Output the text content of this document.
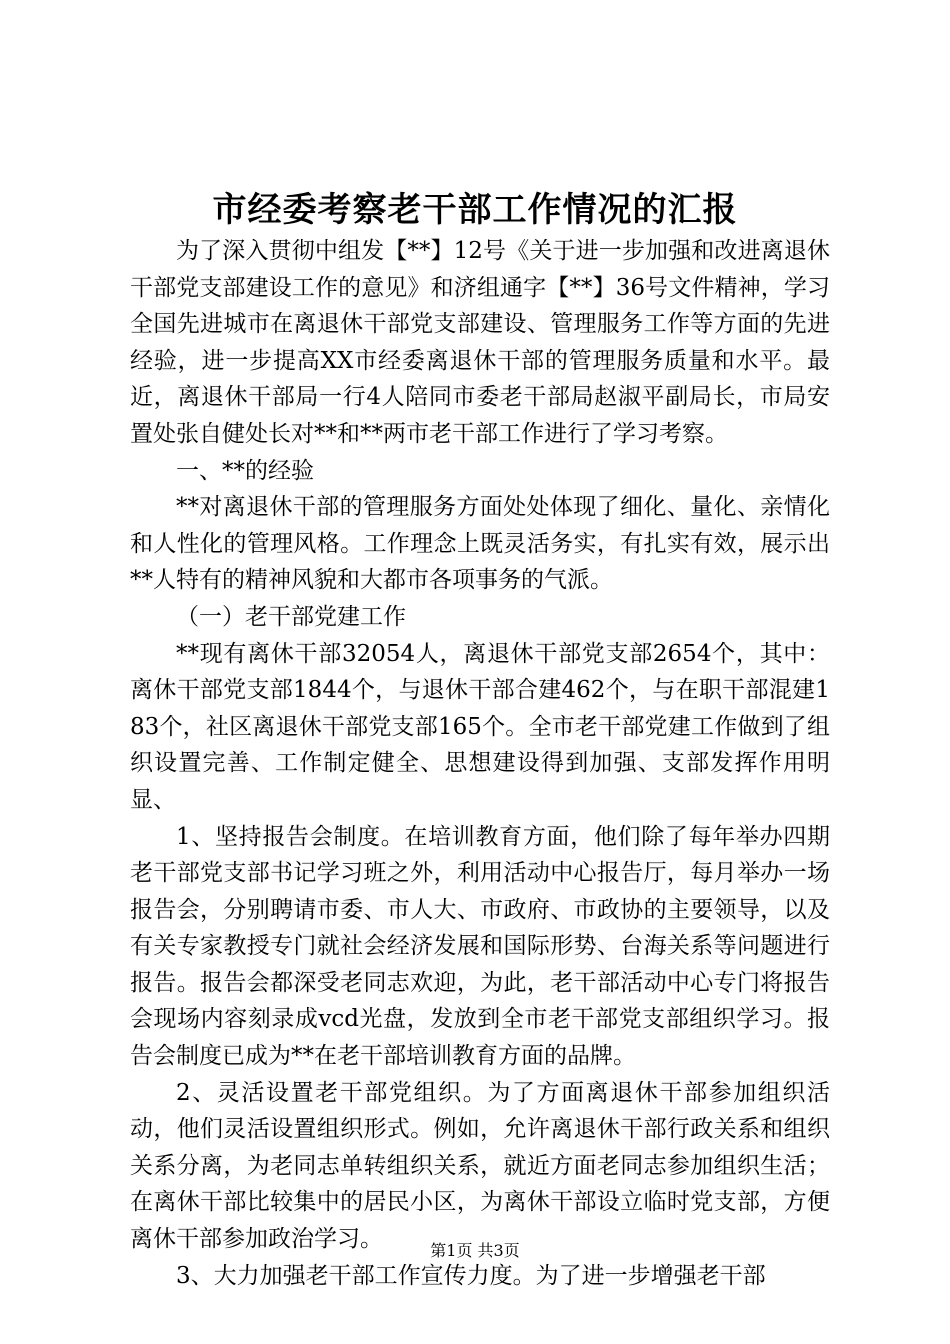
市经委考察老干部工作情况的汇报

为了深入贯彻中组发【**】12号《关于进一步加强和改进离退休干部党支部建设工作的意见》和济组通字【**】36号文件精神，学习全国先进城市在离退休干部党支部建设、管理服务工作等方面的先进经验，进一步提高XX市经委离退休干部的管理服务质量和水平。最近，离退休干部局一行4人陪同市委老干部局赵淑平副局长，市局安置处张自健处长对**和**两市老干部工作进行了学习考察。

一、**的经验

**对离退休干部的管理服务方面处处体现了细化、量化、亲情化和人性化的管理风格。工作理念上既灵活务实，有扎实有效，展示出**人特有的精神风貌和大都市各项事务的气派。

（一）老干部党建工作

**现有离休干部32054人，离退休干部党支部2654个，其中：离休干部党支部1844个，与退休干部合建462个，与在职干部混建183个，社区离退休干部党支部165个。全市老干部党建工作做到了组织设置完善、工作制定健全、思想建设得到加强、支部发挥作用明显、

1、坚持报告会制度。在培训教育方面，他们除了每年举办四期老干部党支部书记学习班之外，利用活动中心报告厅，每月举办一场报告会，分别聘请市委、市人大、市政府、市政协的主要领导，以及有关专家教授专门就社会经济发展和国际形势、台海关系等问题进行报告。报告会都深受老同志欢迎，为此，老干部活动中心专门将报告会现场内容刻录成vcd光盘，发放到全市老干部党支部组织学习。报告会制度已成为**在老干部培训教育方面的品牌。

2、灵活设置老干部党组织。为了方面离退休干部参加组织活动，他们灵活设置组织形式。例如，允许离退休干部行政关系和组织关系分离，为老同志单转组织关系，就近方面老同志参加组织生活；在离休干部比较集中的居民小区，为离休干部设立临时党支部，方便离休干部参加政治学习。

3、大力加强老干部工作宣传力度。为了进一步增强老干部

第1页 共3页
